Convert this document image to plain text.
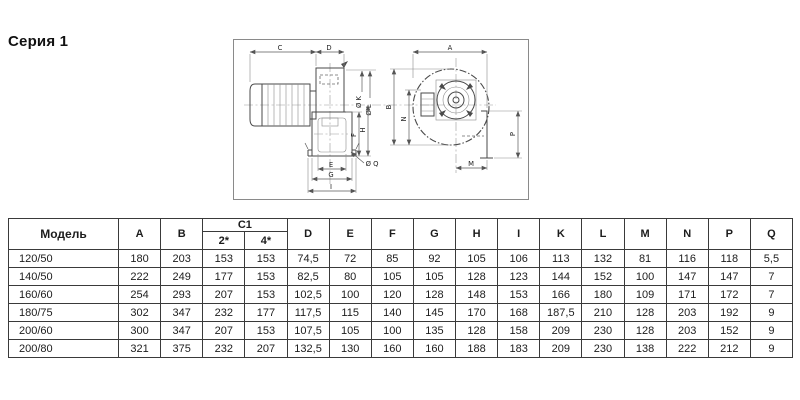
Серия 1
Ø Q
C	D
Ø K
Ø L
F
H
E
G
I
A
B
N
M
P
Модель	A	B	C1		D	E	F	G	H	I	K	L	M	N	P	Q
			2*	4*												
120/50	180	203	153	153	74,5	72	85	92	105	106	113	132	81	116	118	5,5
140/50	222	249	177	153	82,5	80	105	105	128	123	144	152	100	147	147	7
160/60	254	293	207	153	102,5	100	120	128	148	153	166	180	109	171	172	7
180/75	302	347	232	177	117,5	115	140	145	170	168	187,5	210	128	203	192	9
200/60	300	347	207	153	107,5	105	100	135	128	158	209	230	128	203	152	9
200/80	321	375	232	207	132,5	130	160	160	188	183	209	230	138	222	212	9
